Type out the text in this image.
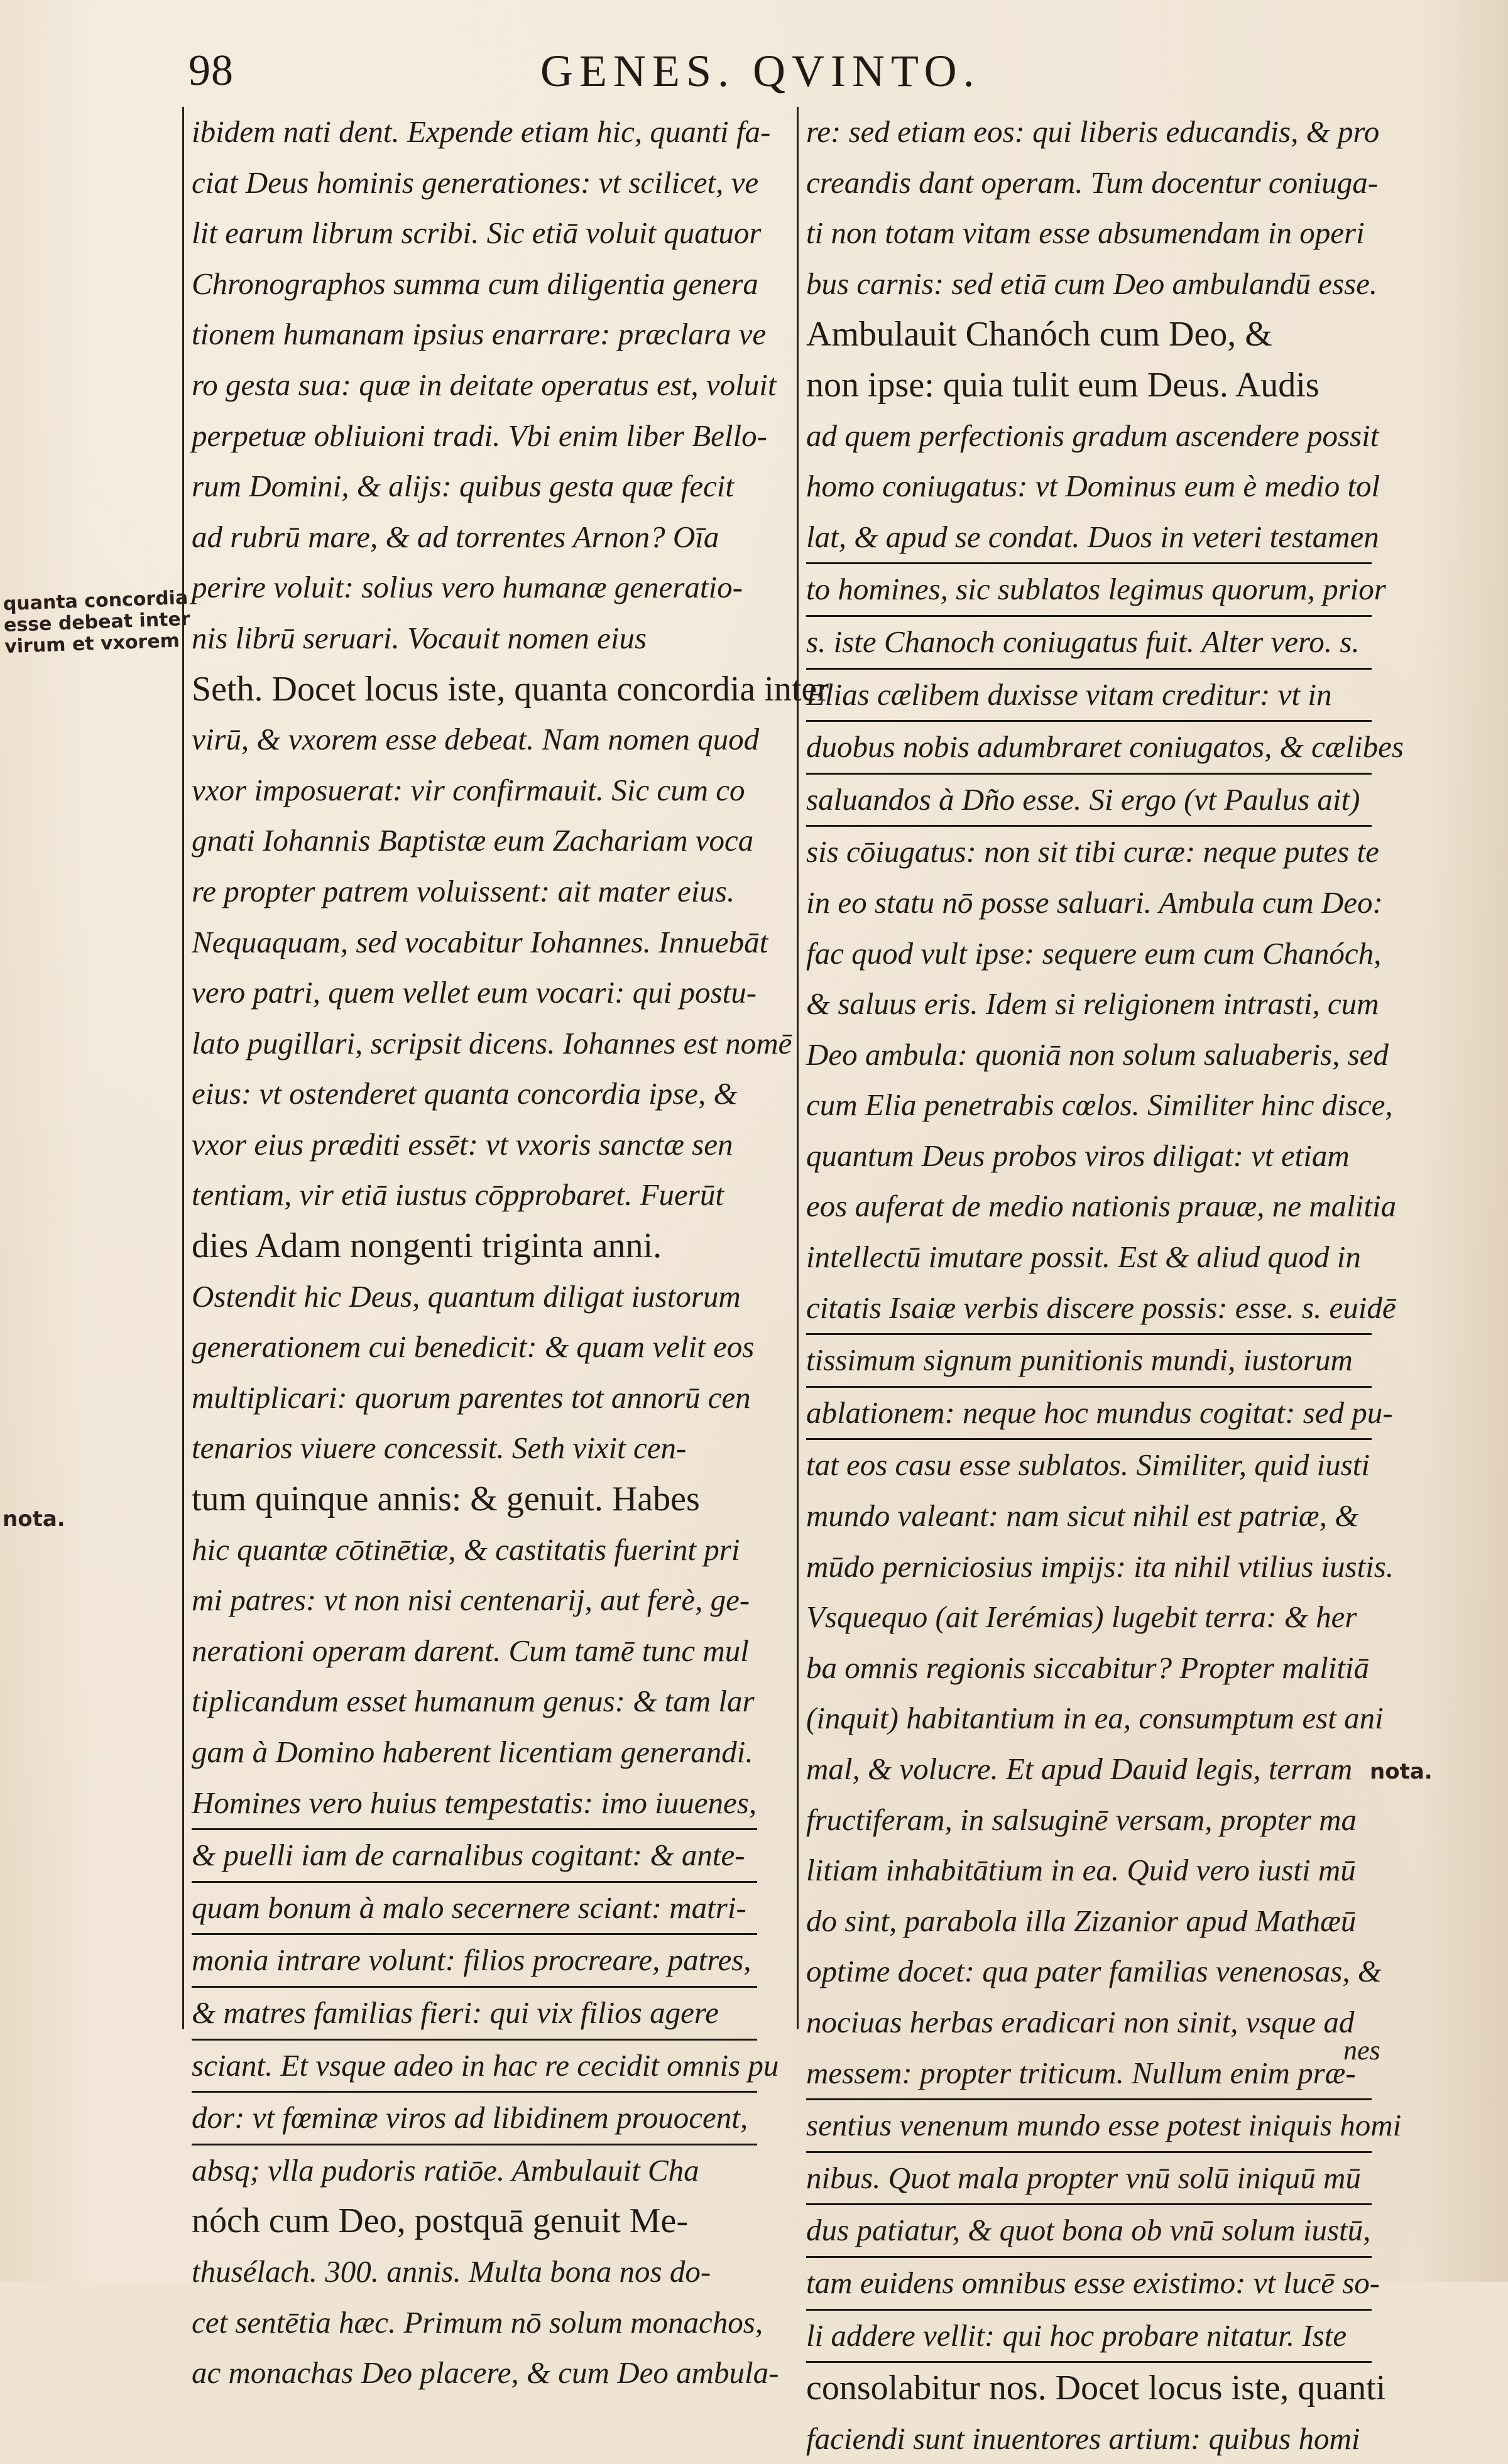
98	GENES. QVINTO.
ibidem nati dent. Expende etiam hic, quanti fa-
ciat Deus hominis generationes: vt scilicet, ve
lit earum librum scribi. Sic etiā voluit quatuor
Chronographos summa cum diligentia genera
tionem humanam ipsius enarrare: præclara ve
ro gesta sua: quæ in deitate operatus est, voluit
perpetuæ obliuioni tradi. Vbi enim liber Bello-
rum Domini, & alijs: quibus gesta quæ fecit
ad rubrū mare, & ad torrentes Arnon? Oīa
perire voluit: solius vero humanæ generatio-
nis librū seruari. Vocauit nomen eius
Seth. Docet locus iste, quanta concordia inter
virū, & vxorem esse debeat. Nam nomen quod
vxor imposuerat: vir confirmauit. Sic cum co
gnati Iohannis Baptistæ eum Zachariam voca
re propter patrem voluissent: ait mater eius.
Nequaquam, sed vocabitur Iohannes. Innuebāt
vero patri, quem vellet eum vocari: qui postu-
lato pugillari, scripsit dicens. Iohannes est nomē
eius: vt ostenderet quanta concordia ipse, &
vxor eius præditi essēt: vt vxoris sanctæ sen
tentiam, vir etiā iustus cōpprobaret. Fuerūt
dies Adam nongenti triginta anni.
Ostendit hic Deus, quantum diligat iustorum
generationem cui benedicit: & quam velit eos
multiplicari: quorum parentes tot annorū cen
tenarios viuere concessit. Seth vixit cen-
tum quinque annis: & genuit. Habes
hic quantæ cōtinētiæ, & castitatis fuerint pri
mi patres: vt non nisi centenarij, aut ferè, ge-
nerationi operam darent. Cum tamē tunc mul
tiplicandum esset humanum genus: & tam lar
gam à Domino haberent licentiam generandi.
Homines vero huius tempestatis: imo iuuenes,
& puelli iam de carnalibus cogitant: & ante-
quam bonum à malo secernere sciant: matri-
monia intrare volunt: filios procreare, patres,
& matres familias fieri: qui vix filios agere
sciant. Et vsque adeo in hac re cecidit omnis pu
dor: vt fœminæ viros ad libidinem prouocent,
absq; vlla pudoris ratiōe. Ambulauit Cha
nóch cum Deo, postquā genuit Me-
thusélach. 300. annis. Multa bona nos do-
cet sentētia hæc. Primum nō solum monachos,
ac monachas Deo placere, & cum Deo ambula-
re: sed etiam eos: qui liberis educandis, & pro
creandis dant operam. Tum docentur coniuga-
ti non totam vitam esse absumendam in operi
bus carnis: sed etiā cum Deo ambulandū esse.
Ambulauit Chanóch cum Deo, &
non ipse: quia tulit eum Deus. Audis
ad quem perfectionis gradum ascendere possit
homo coniugatus: vt Dominus eum è medio tol
lat, & apud se condat. Duos in veteri testamen
to homines, sic sublatos legimus quorum, prior
s. iste Chanoch coniugatus fuit. Alter vero. s.
Elias cælibem duxisse vitam creditur: vt in
duobus nobis adumbraret coniugatos, & cælibes
saluandos à Dño esse. Si ergo (vt Paulus ait)
sis cōiugatus: non sit tibi curæ: neque putes te
in eo statu nō posse saluari. Ambula cum Deo:
fac quod vult ipse: sequere eum cum Chanóch,
& saluus eris. Idem si religionem intrasti, cum
Deo ambula: quoniā non solum saluaberis, sed
cum Elia penetrabis cœlos. Similiter hinc disce,
quantum Deus probos viros diligat: vt etiam
eos auferat de medio nationis prauæ, ne malitia
intellectū imutare possit. Est & aliud quod in
citatis Isaiæ verbis discere possis: esse. s. euidē
tissimum signum punitionis mundi, iustorum
ablationem: neque hoc mundus cogitat: sed pu-
tat eos casu esse sublatos. Similiter, quid iusti
mundo valeant: nam sicut nihil est patriæ, &
mūdo perniciosius impijs: ita nihil vtilius iustis.
Vsquequo (ait Ierémias) lugebit terra: & her
ba omnis regionis siccabitur? Propter malitiā
(inquit) habitantium in ea, consumptum est ani
mal, & volucre. Et apud Dauid legis, terram
fructiferam, in salsuginē versam, propter ma
litiam inhabitātium in ea. Quid vero iusti mū
do sint, parabola illa Zizanior apud Mathæū
optime docet: qua pater familias venenosas, &
nociuas herbas eradicari non sinit, vsque ad
messem: propter triticum. Nullum enim præ-
sentius venenum mundo esse potest iniquis homi
nibus. Quot mala propter vnū solū iniquū mū
dus patiatur, & quot bona ob vnū solum iustū,
tam euidens omnibus esse existimo: vt lucē so-
li addere vellit: qui hoc probare nitatur. Iste
consolabitur nos. Docet locus iste, quanti
faciendi sunt inuentores artium: quibus homi
nes
quanta concordia
esse debeat inter
virum et vxorem
nota.
nota.
